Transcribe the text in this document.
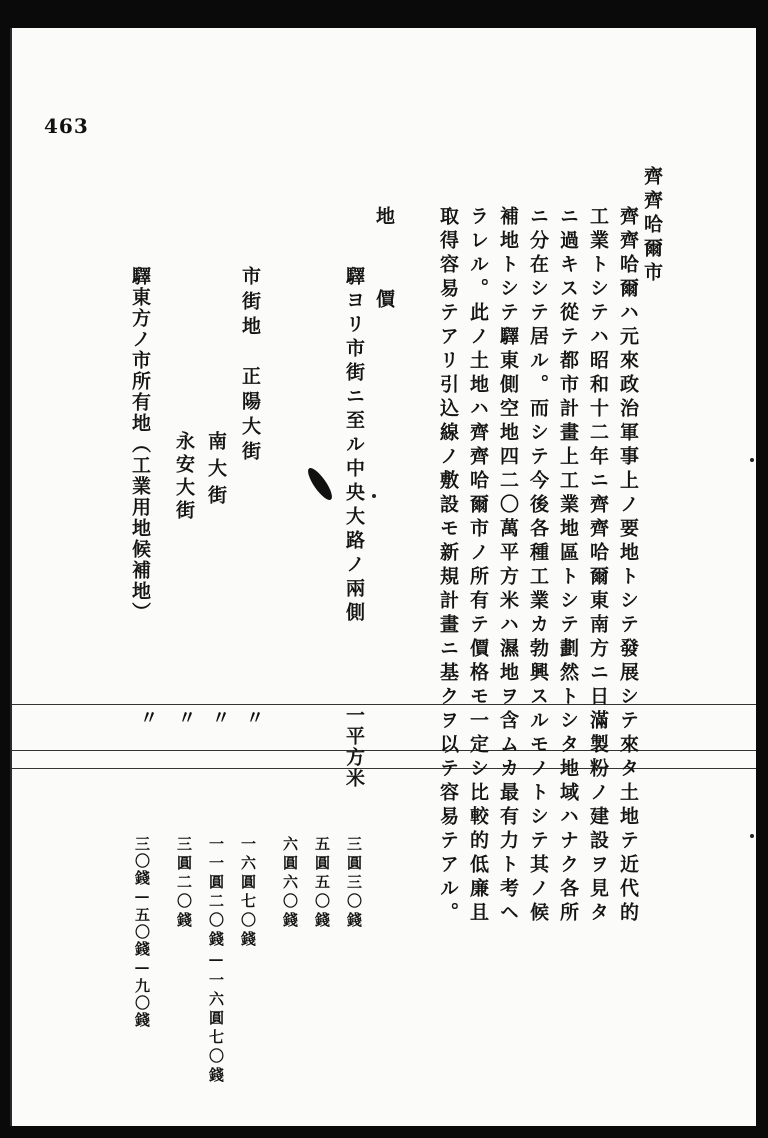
463
齊齊哈爾市
齊齊哈爾ハ元來政治軍事上ノ要地トシテ發展シテ來タ土地テ近代的
工業トシテハ昭和十二年ニ齊齊哈爾東南方ニ日滿製粉ノ建設ヲ見タ
ニ過キス從テ都市計畫上工業地區トシテ劃然トシタ地域ハナク各所
ニ分在シテ居ル。而シテ今後各種工業カ勃興スルモノトシテ其ノ候
補地トシテ驛東側空地四二〇萬平方米ハ濕地ヲ含ムカ最有力ト考ヘ
ラレル。此ノ土地ハ齊齊哈爾市ノ所有テ價格モ一定シ比較的低廉且
取得容易テアリ引込線ノ敷設モ新規計畫ニ基クヲ以テ容易テアル。
地價
驛ヨリ市街ニ至ル中央大路ノ兩側
一平方米
三圓三〇錢
市街地　正陽大街
南大街
永安大街
五圓五〇錢
六圓六〇錢
一六圓七〇錢
一一圓二〇錢—一六圓七〇錢
三圓二〇錢
驛東方ノ市所有地（工業用地候補地）
三〇錢—五〇錢—九〇錢
〃
〃
〃
〃
